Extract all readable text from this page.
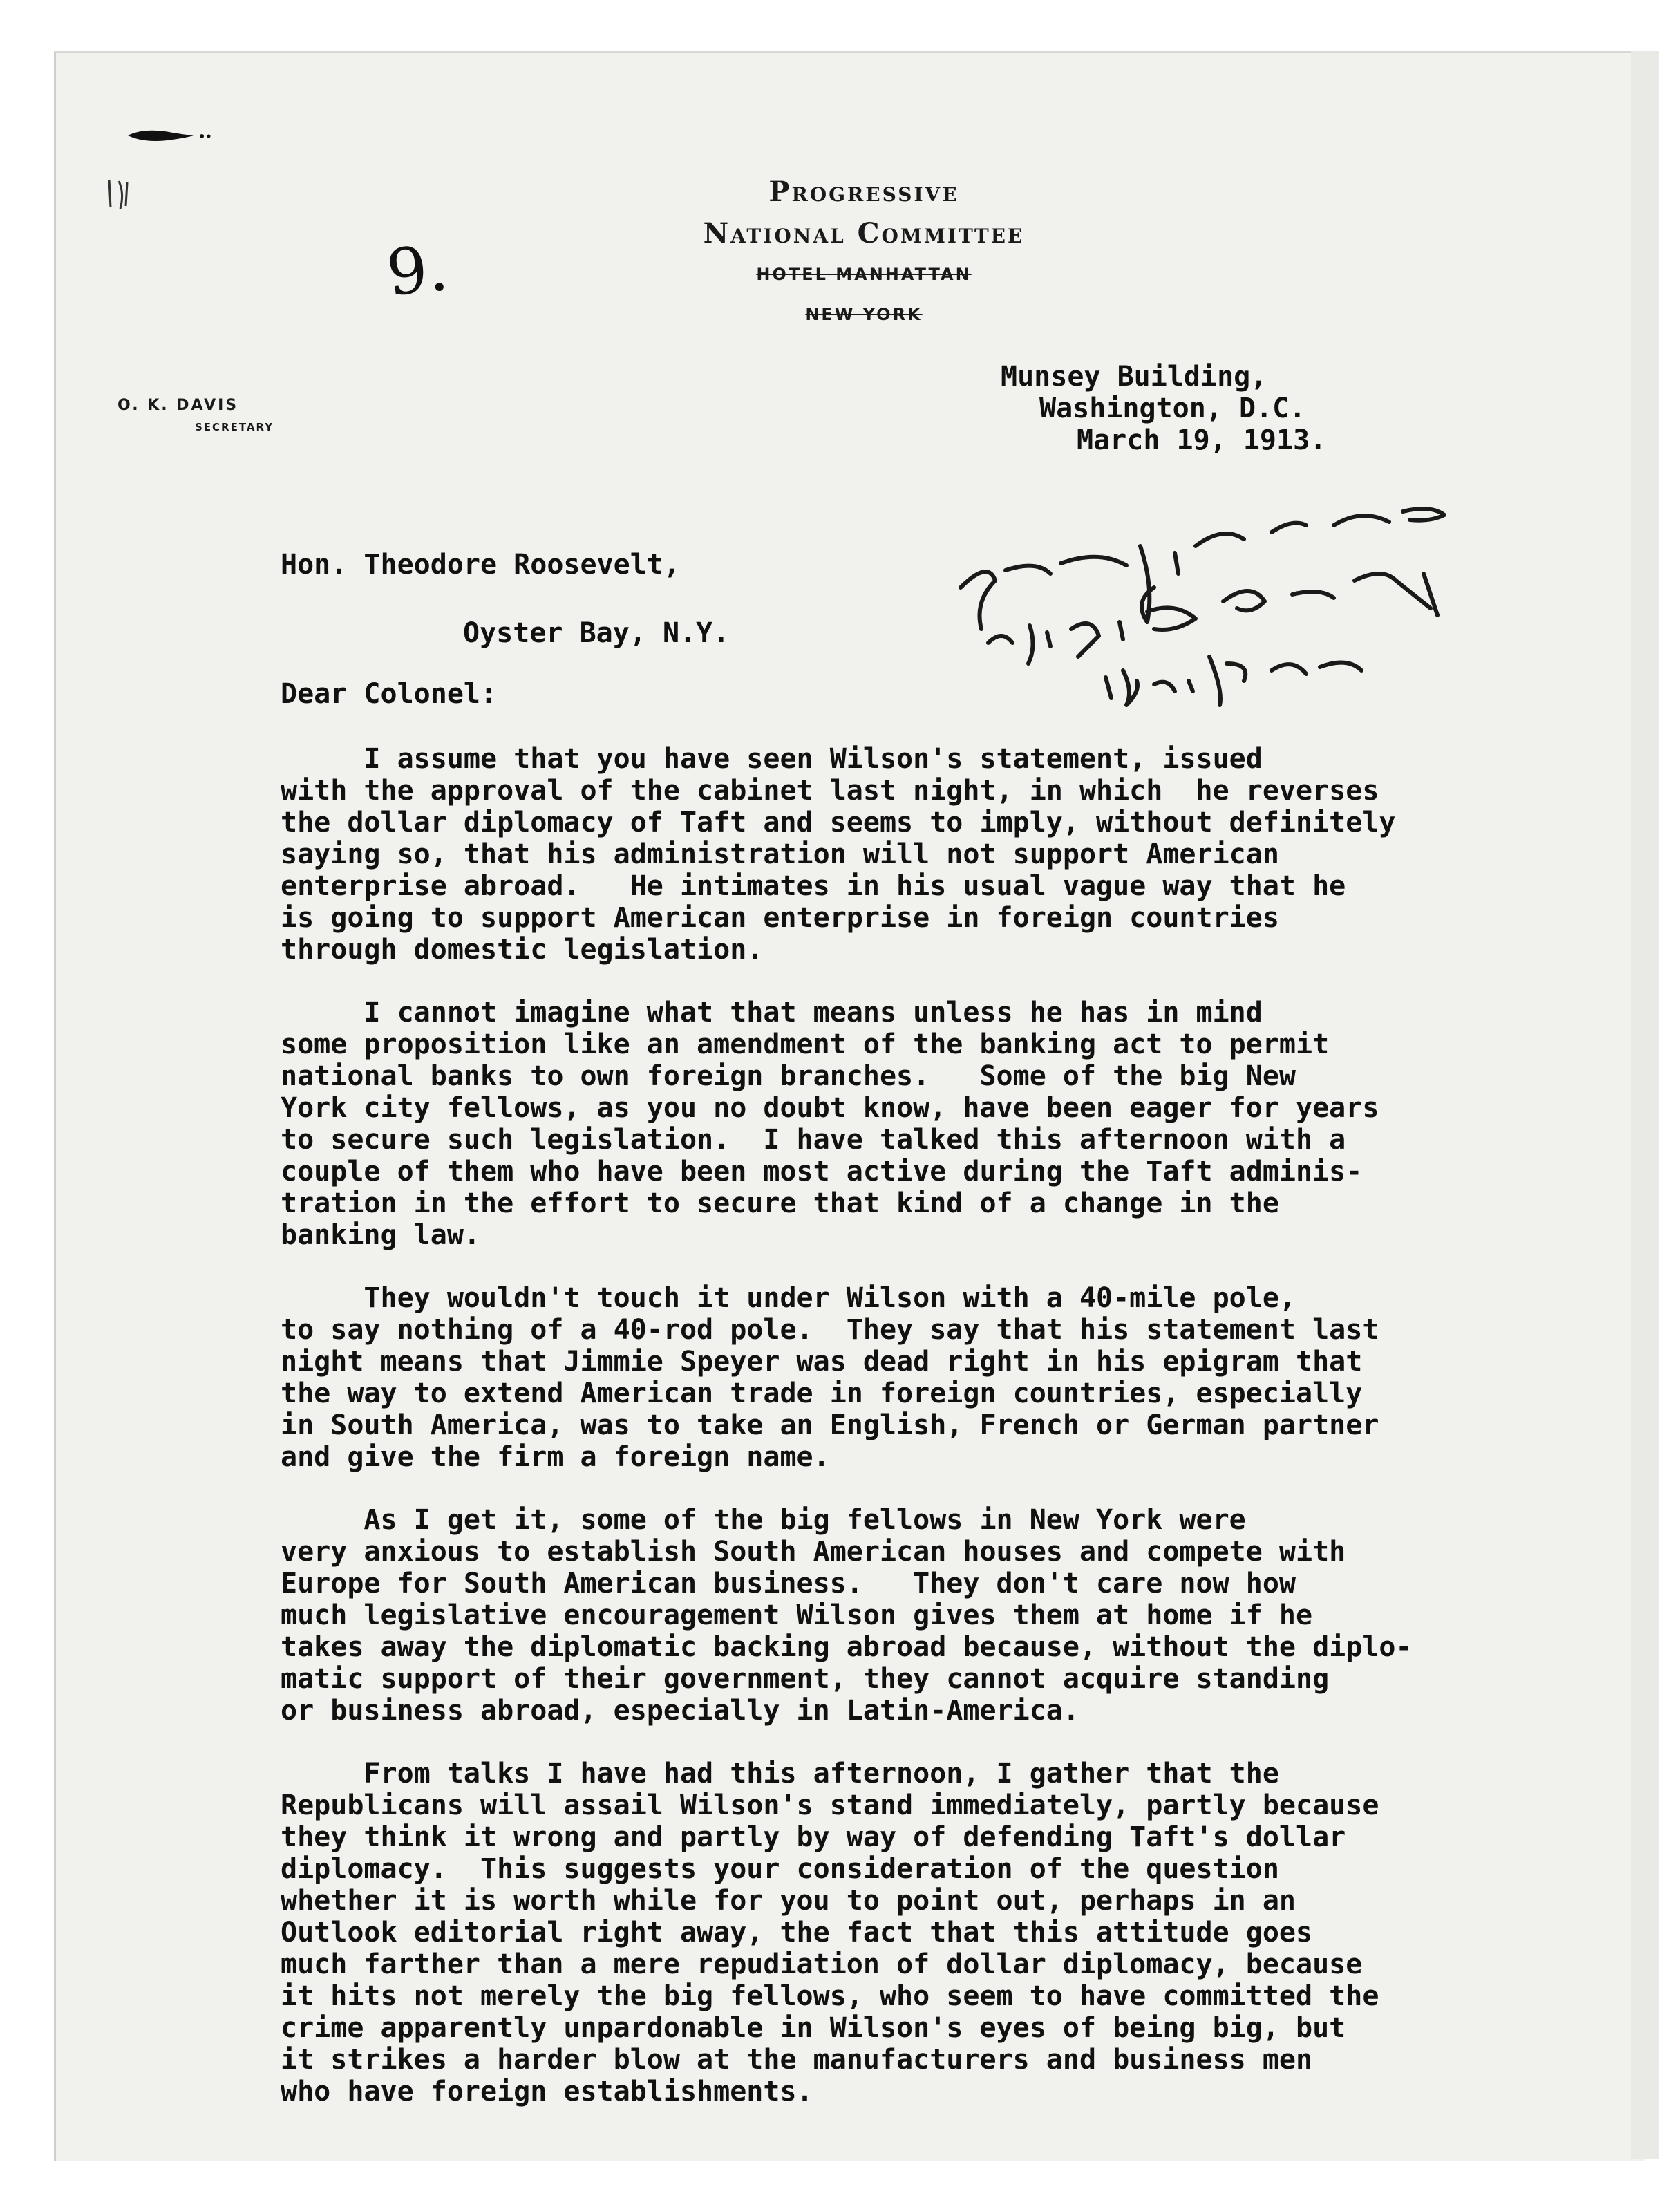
Progressive
National Committee
HOTEL MANHATTAN
NEW YORK
9.
O. K. DAVIS
SECRETARY
Munsey Building,
Washington, D.C.
March 19, 1913.
Hon. Theodore Roosevelt,
Oyster Bay, N.Y.
Dear Colonel:
I assume that you have seen Wilson's statement, issued
with the approval of the cabinet last night, in which  he reverses
the dollar diplomacy of Taft and seems to imply, without definitely
saying so, that his administration will not support American
enterprise abroad.   He intimates in his usual vague way that he
is going to support American enterprise in foreign countries
through domestic legislation.
I cannot imagine what that means unless he has in mind
some proposition like an amendment of the banking act to permit
national banks to own foreign branches.   Some of the big New
York city fellows, as you no doubt know, have been eager for years
to secure such legislation.  I have talked this afternoon with a
couple of them who have been most active during the Taft adminis-
tration in the effort to secure that kind of a change in the
banking law.
They wouldn't touch it under Wilson with a 40-mile pole,
to say nothing of a 40-rod pole.  They say that his statement last
night means that Jimmie Speyer was dead right in his epigram that
the way to extend American trade in foreign countries, especially
in South America, was to take an English, French or German partner
and give the firm a foreign name.
As I get it, some of the big fellows in New York were
very anxious to establish South American houses and compete with
Europe for South American business.   They don't care now how
much legislative encouragement Wilson gives them at home if he
takes away the diplomatic backing abroad because, without the diplo-
matic support of their government, they cannot acquire standing
or business abroad, especially in Latin-America.
From talks I have had this afternoon, I gather that the
Republicans will assail Wilson's stand immediately, partly because
they think it wrong and partly by way of defending Taft's dollar
diplomacy.  This suggests your consideration of the question
whether it is worth while for you to point out, perhaps in an
Outlook editorial right away, the fact that this attitude goes
much farther than a mere repudiation of dollar diplomacy, because
it hits not merely the big fellows, who seem to have committed the
crime apparently unpardonable in Wilson's eyes of being big, but
it strikes a harder blow at the manufacturers and business men
who have foreign establishments.
